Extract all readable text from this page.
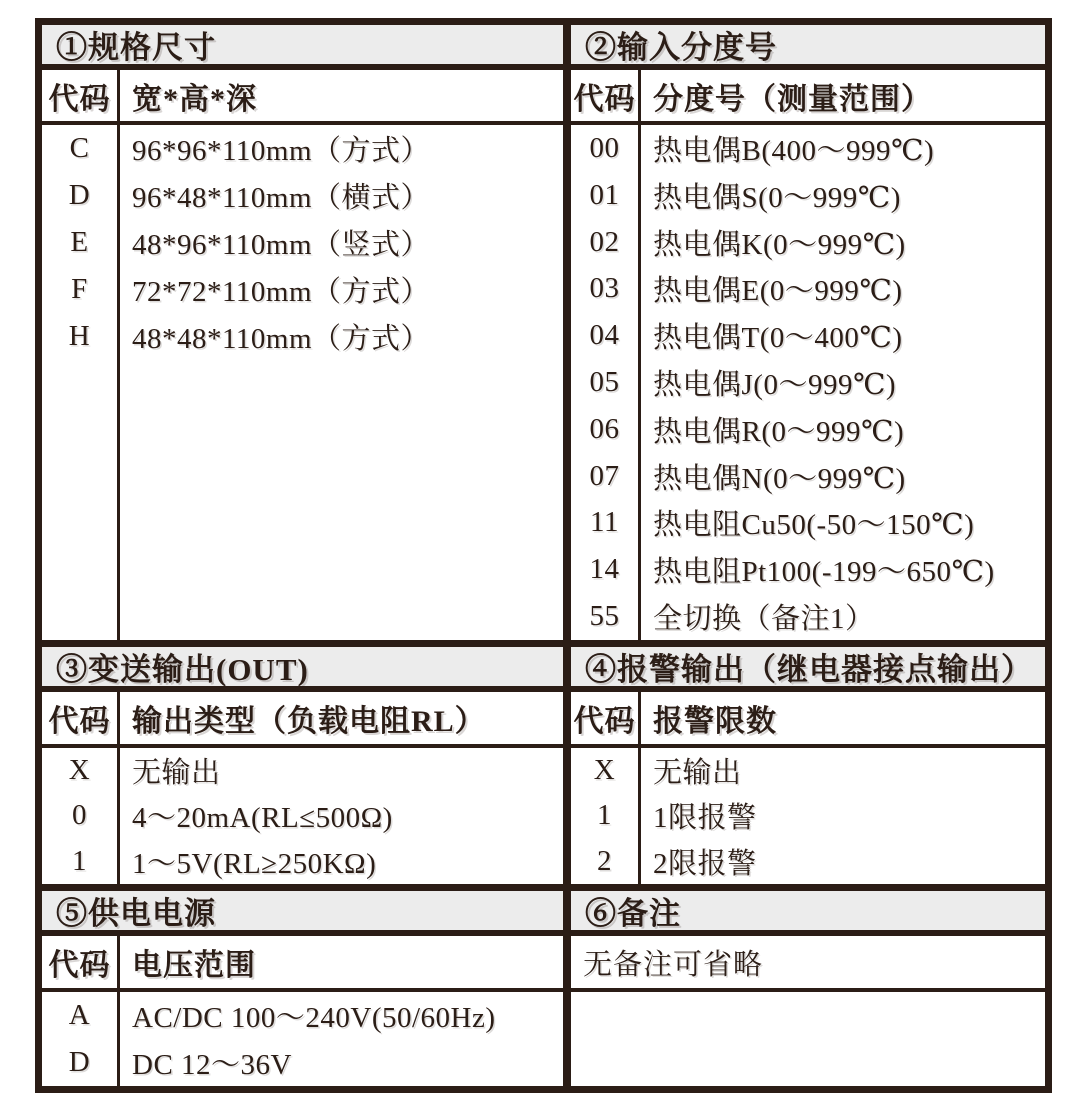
①规格尺寸
代码 宽*高*深
C
D
E
F
H
96*96*110mm（方式）
96*48*110mm（横式）
48*96*110mm（竖式）
72*72*110mm（方式）
48*48*110mm（方式）
③变送输出(OUT)
代码 输出类型（负载电阻RL）
X
0
1
无输出
4～20mA(RL≤500Ω)
1～5V(RL≥250KΩ)
⑤供电电源
代码 电压范围
A
D
AC/DC 100～240V(50/60Hz)
DC 12～36V
②输入分度号
代码 分度号（测量范围）
00
01
02
03
04
05
06
07
11
14
55
热电偶B(400～999℃)
热电偶S(0～999℃)
热电偶K(0～999℃)
热电偶E(0～999℃)
热电偶T(0～400℃)
热电偶J(0～999℃)
热电偶R(0～999℃)
热电偶N(0～999℃)
热电阻Cu50(-50～150℃)
热电阻Pt100(-199～650℃)
全切换（备注1）
④报警输出（继电器接点输出）
代码 报警限数
X
1
2
无输出
1限报警
2限报警
⑥备注
无备注可省略
